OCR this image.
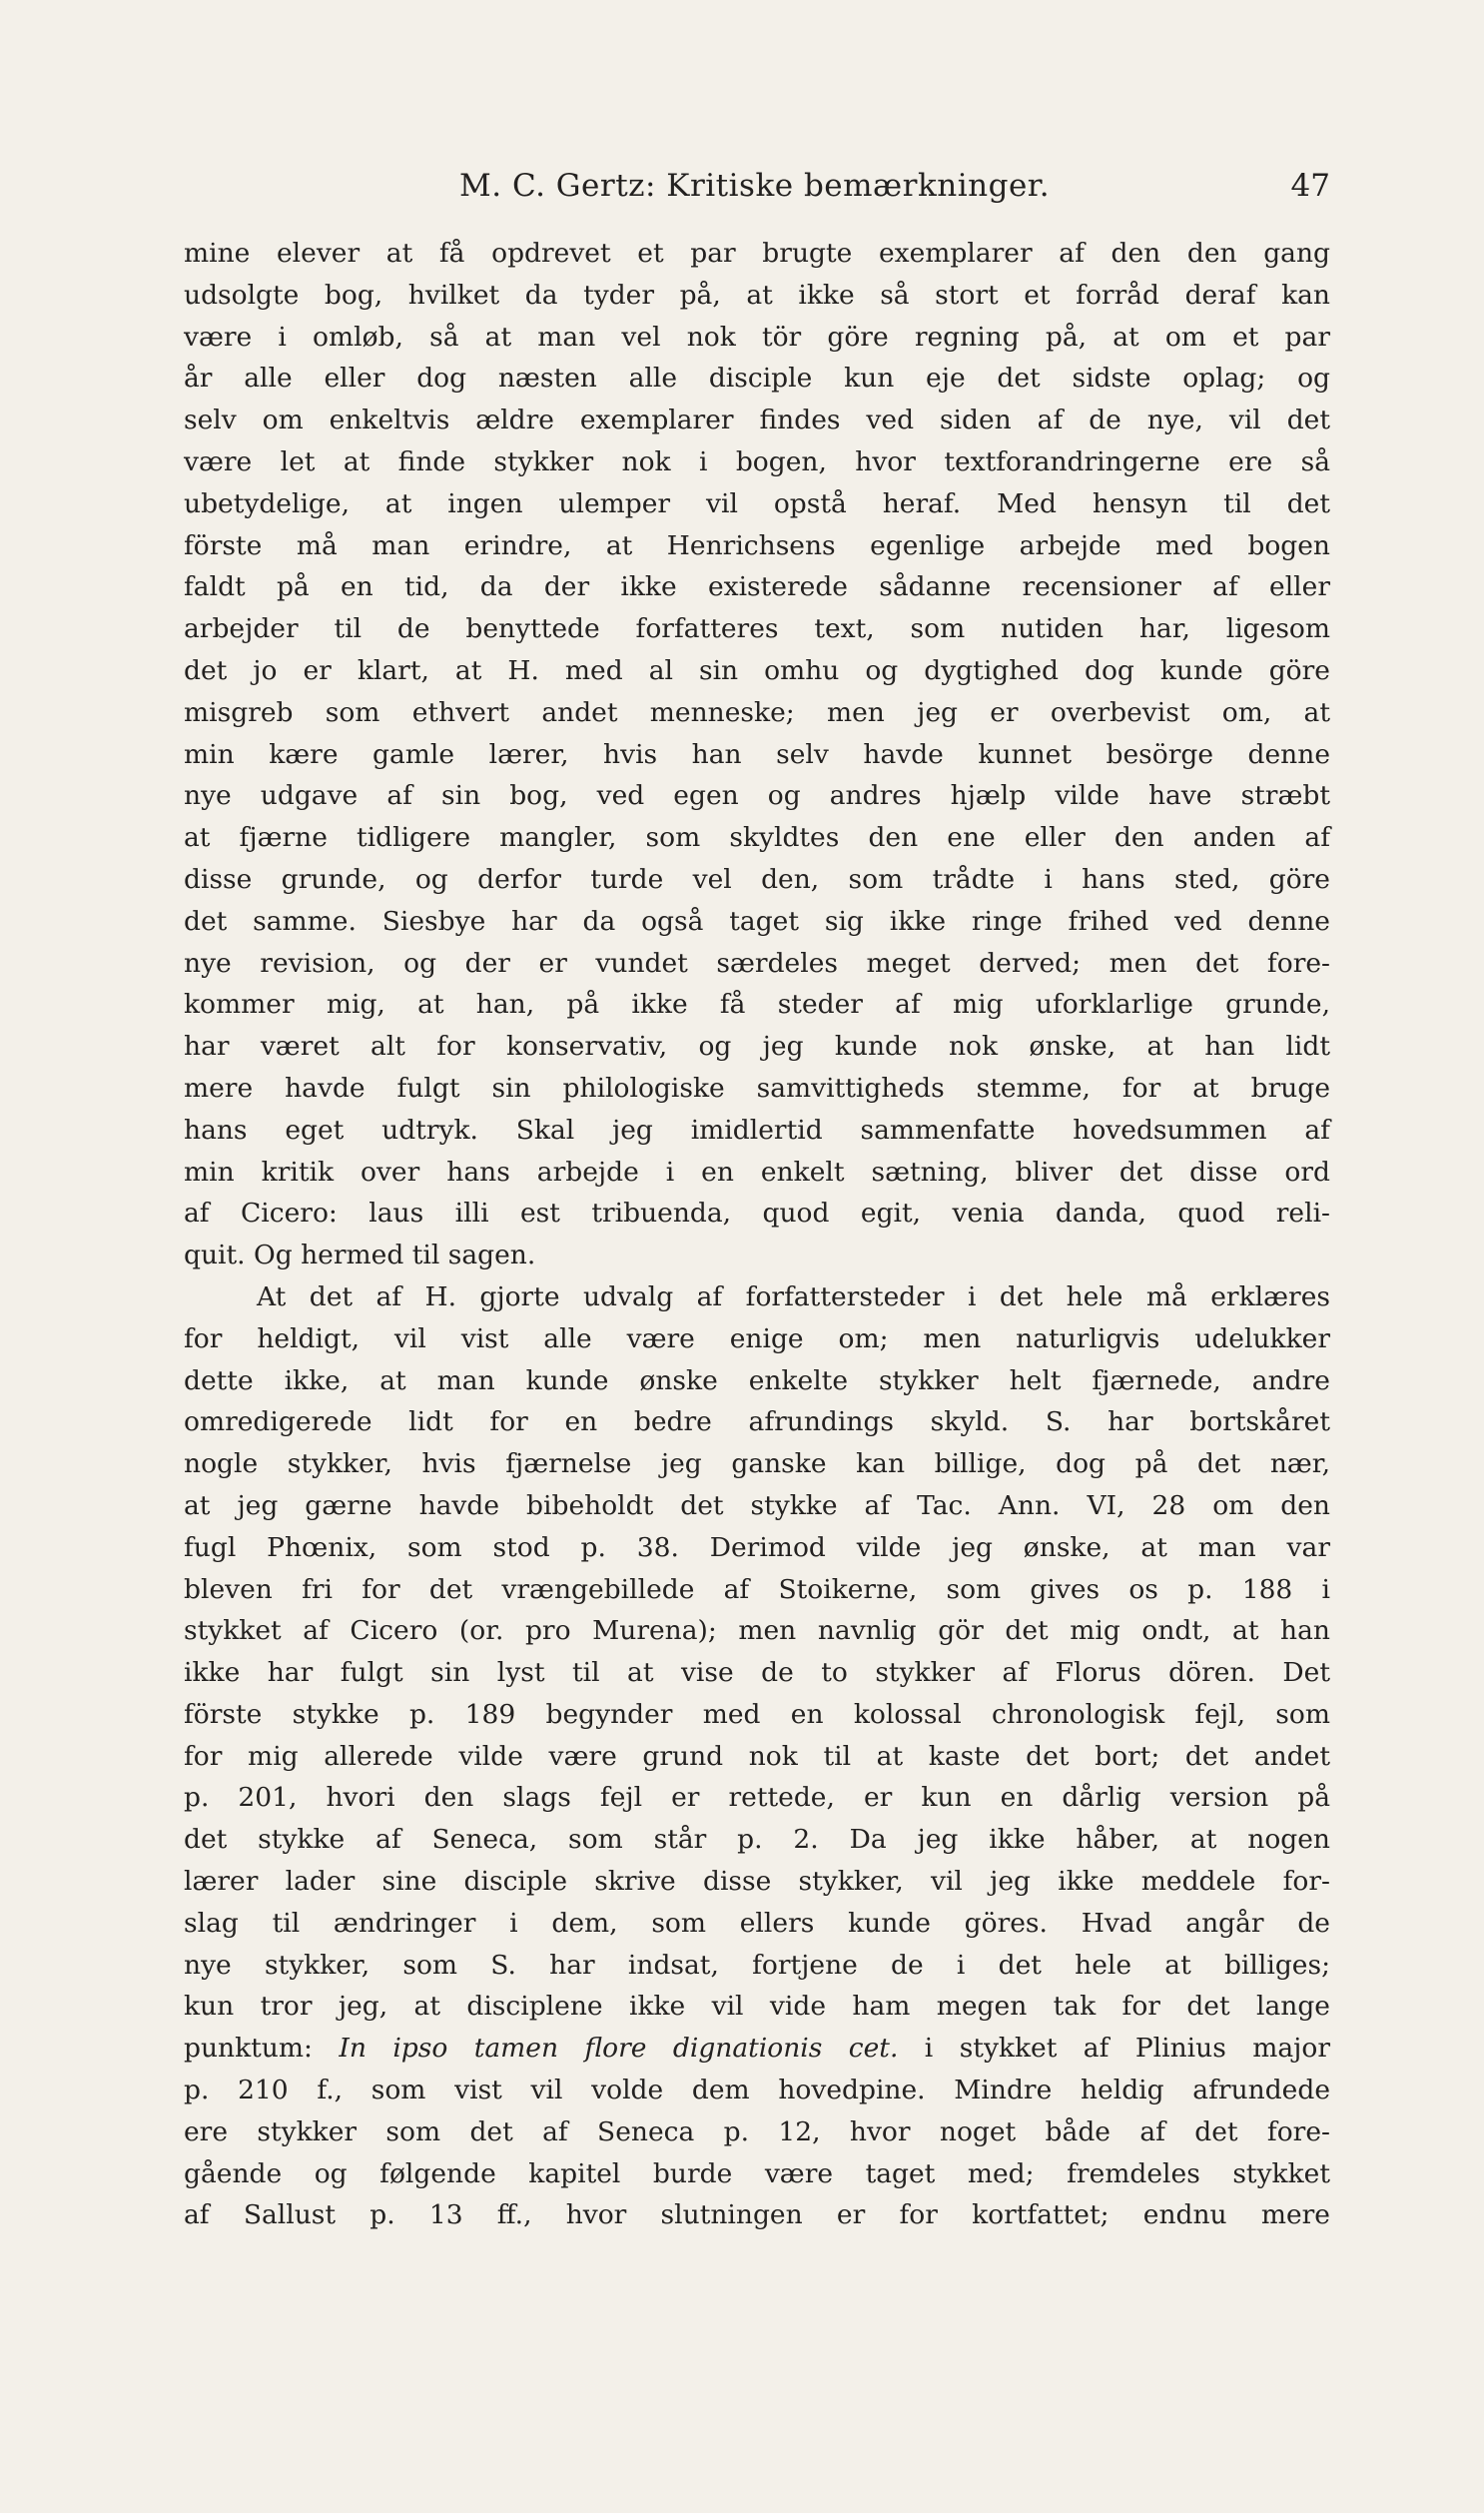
M. C. Gertz: Kritiske bemærkninger.	47
mine elever at få opdrevet et par brugte exemplarer af den den gang
udsolgte bog, hvilket da tyder på, at ikke så stort et forråd deraf kan
være i omløb, så at man vel nok tör göre regning på, at om et par
år alle eller dog næsten alle disciple kun eje det sidste oplag; og
selv om enkeltvis ældre exemplarer findes ved siden af de nye, vil det
være let at finde stykker nok i bogen, hvor textforandringerne ere så
ubetydelige, at ingen ulemper vil opstå heraf. Med hensyn til det
förste må man erindre, at Henrichsens egenlige arbejde med bogen
faldt på en tid, da der ikke existerede sådanne recensioner af eller
arbejder til de benyttede forfatteres text, som nutiden har, ligesom
det jo er klart, at H. med al sin omhu og dygtighed dog kunde göre
misgreb som ethvert andet menneske; men jeg er overbevist om, at
min kære gamle lærer, hvis han selv havde kunnet besörge denne
nye udgave af sin bog, ved egen og andres hjælp vilde have stræbt
at fjærne tidligere mangler, som skyldtes den ene eller den anden af
disse grunde, og derfor turde vel den, som trådte i hans sted, göre
det samme. Siesbye har da også taget sig ikke ringe frihed ved denne
nye revision, og der er vundet særdeles meget derved; men det fore-
kommer mig, at han, på ikke få steder af mig uforklarlige grunde,
har været alt for konservativ, og jeg kunde nok ønske, at han lidt
mere havde fulgt sin philologiske samvittigheds stemme, for at bruge
hans eget udtryk. Skal jeg imidlertid sammenfatte hovedsummen af
min kritik over hans arbejde i en enkelt sætning, bliver det disse ord
af Cicero: laus illi est tribuenda, quod egit, venia danda, quod reli-
quit. Og hermed til sagen.
At det af H. gjorte udvalg af forfattersteder i det hele må erklæres
for heldigt, vil vist alle være enige om; men naturligvis udelukker
dette ikke, at man kunde ønske enkelte stykker helt fjærnede, andre
omredigerede lidt for en bedre afrundings skyld. S. har bortskåret
nogle stykker, hvis fjærnelse jeg ganske kan billige, dog på det nær,
at jeg gærne havde bibeholdt det stykke af Tac. Ann. VI, 28 om den
fugl Phœnix, som stod p. 38. Derimod vilde jeg ønske, at man var
bleven fri for det vrængebillede af Stoikerne, som gives os p. 188 i
stykket af Cicero (or. pro Murena); men navnlig gör det mig ondt, at han
ikke har fulgt sin lyst til at vise de to stykker af Florus dören. Det
förste stykke p. 189 begynder med en kolossal chronologisk fejl, som
for mig allerede vilde være grund nok til at kaste det bort; det andet
p. 201, hvori den slags fejl er rettede, er kun en dårlig version på
det stykke af Seneca, som står p. 2. Da jeg ikke håber, at nogen
lærer lader sine disciple skrive disse stykker, vil jeg ikke meddele for-
slag til ændringer i dem, som ellers kunde göres. Hvad angår de
nye stykker, som S. har indsat, fortjene de i det hele at billiges;
kun tror jeg, at disciplene ikke vil vide ham megen tak for det lange
punktum: In ipso tamen flore dignationis cet. i stykket af Plinius major
p. 210 f., som vist vil volde dem hovedpine. Mindre heldig afrundede
ere stykker som det af Seneca p. 12, hvor noget både af det fore-
gående og følgende kapitel burde være taget med; fremdeles stykket
af Sallust p. 13 ff., hvor slutningen er for kortfattet; endnu mere
